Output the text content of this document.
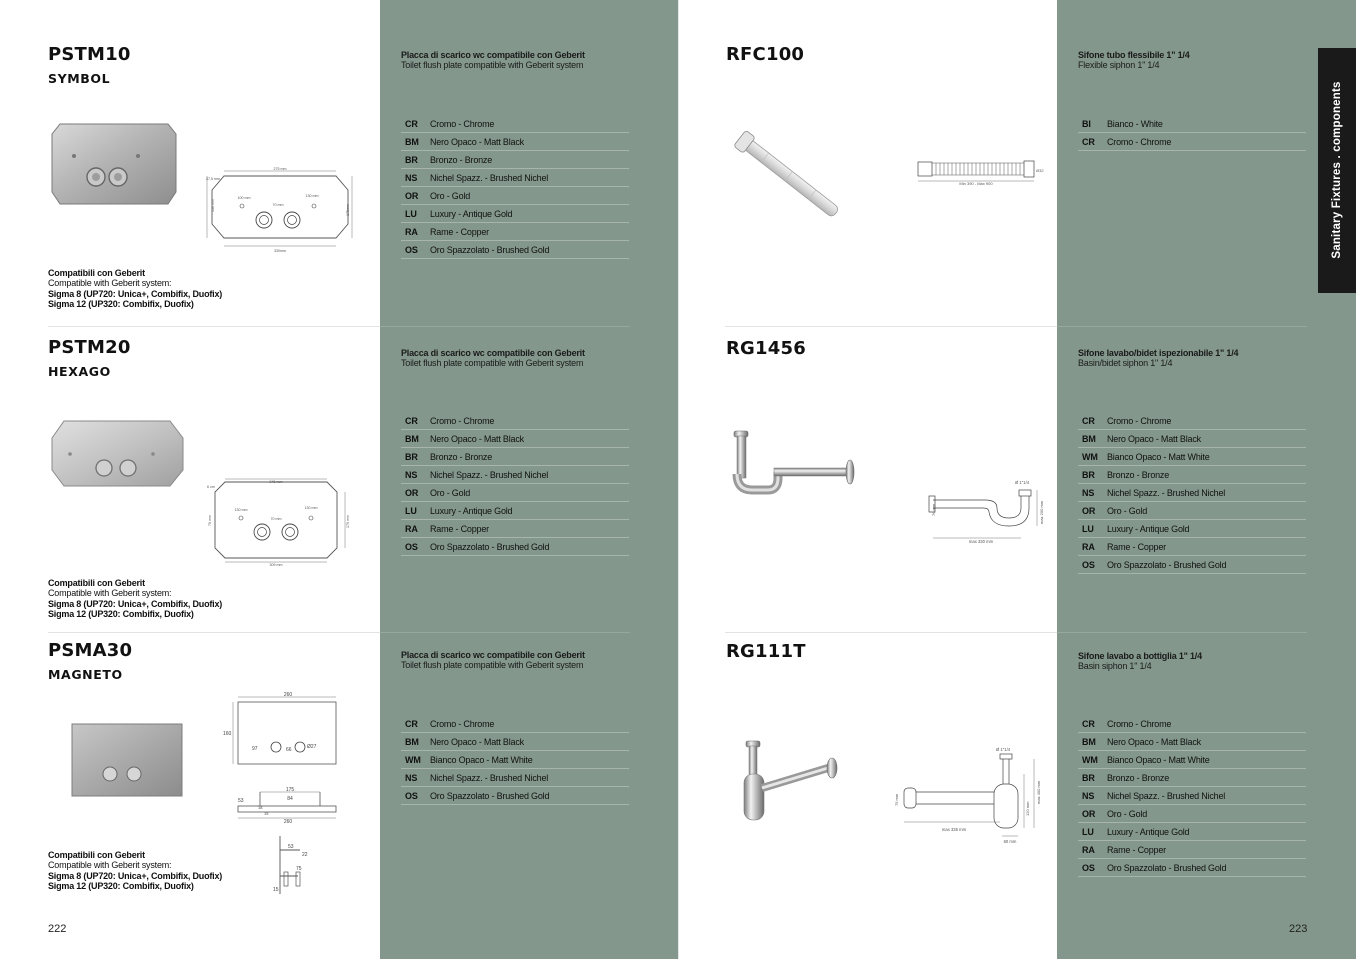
Sanitary Fixtures . components
PSTM10
SYMBOL
275 mm
37,5 mm
100 mm	130 mm
70 mm
130 mm	175mm
330mm
Compatibili con Geberit
Compatible with Geberit system:
Sigma 8 (UP720: Unica+, Combifix, Duofix)
Sigma 12 (UP320: Combifix, Duofix)
Placca di scarico wc compatibile con Geberit
Toilet flush plate compatible with Geberit system
CR	Cromo - Chrome
BM	Nero Opaco - Matt Black
BR	Bronzo - Bronze
NS	Nichel Spazz. - Brushed Nichel
OR	Oro - Gold
LU	Luxury - Antique Gold
RA	Rame - Copper
OS	Oro Spazzolato - Brushed Gold
PSTM20
HEXAGO
245 mm
6 cm
130 mm	130 mm
70 mm
70 mm	170 mm
309 mm
Compatibili con Geberit
Compatible with Geberit system:
Sigma 8 (UP720: Unica+, Combifix, Duofix)
Sigma 12 (UP320: Combifix, Duofix)
Placca di scarico wc compatibile con Geberit
Toilet flush plate compatible with Geberit system
CR	Cromo - Chrome
BM	Nero Opaco - Matt Black
BR	Bronzo - Bronze
NS	Nichel Spazz. - Brushed Nichel
OR	Oro - Gold
LU	Luxury - Antique Gold
RA	Rame - Copper
OS	Oro Spazzolato - Brushed Gold
PSMA30
MAGNETO
260
160
97	66	Ø27
175
53	84
18
15
260
53
22
75
15
Compatibili con Geberit
Compatible with Geberit system:
Sigma 8 (UP720: Unica+, Combifix, Duofix)
Sigma 12 (UP320: Combifix, Duofix)
Placca di scarico wc compatibile con Geberit
Toilet flush plate compatible with Geberit system
CR	Cromo - Chrome
BM	Nero Opaco - Matt Black
WM	Bianco Opaco - Matt White
NS	Nichel Spazz. - Brushed Nichel
OS	Oro Spazzolato - Brushed Gold
RFC100
Min 390 - Max 900
Ø32
Sifone tubo flessibile 1" 1/4
Flexible siphon 1" 1/4
BI	Bianco - White
CR	Cromo - Chrome
RG1456
Ø 1"1/4
76 mm
max 330 mm
max 200 mm
Sifone lavabo/bidet ispezionabile 1" 1/4
Basin/bidet siphon 1" 1/4
CR	Cromo - Chrome
BM	Nero Opaco - Matt Black
WM	Bianco Opaco - Matt White
BR	Bronzo - Bronze
NS	Nichel Spazz. - Brushed Nichel
OR	Oro - Gold
LU	Luxury - Antique Gold
RA	Rame - Copper
OS	Oro Spazzolato - Brushed Gold
RG111T
Ø 1"1/4
75 mm
max 335 mm
max 400 mm
120 mm
60 mm
Sifone lavabo a bottiglia 1" 1/4
Basin siphon 1" 1/4
CR	Cromo - Chrome
BM	Nero Opaco - Matt Black
WM	Bianco Opaco - Matt White
BR	Bronzo - Bronze
NS	Nichel Spazz. - Brushed Nichel
OR	Oro - Gold
LU	Luxury - Antique Gold
RA	Rame - Copper
OS	Oro Spazzolato - Brushed Gold
222	223
